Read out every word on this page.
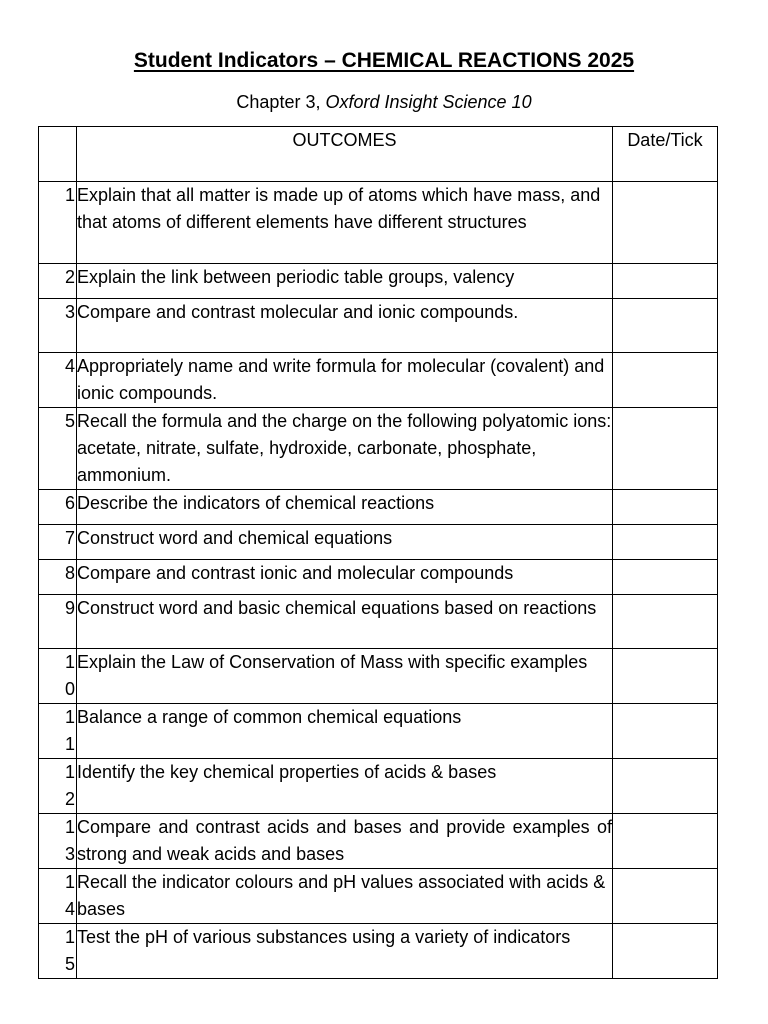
Student Indicators – CHEMICAL REACTIONS 2025
Chapter 3, Oxford Insight Science 10
	OUTCOMES	Date/Tick
1	Explain that all matter is made up of atoms which have mass, and that atoms of different elements have different structures	
2	Explain the link between periodic table groups, valency	
3	Compare and contrast molecular and ionic compounds.	
4	Appropriately name and write formula for molecular (covalent) and ionic compounds.	
5	Recall the formula and the charge on the following polyatomic ions: acetate, nitrate, sulfate, hydroxide, carbonate, phosphate, ammonium.	
6	Describe the indicators of chemical reactions	
7	Construct word and chemical equations	
8	Compare and contrast ionic and molecular compounds	
9	Construct word and basic chemical equations based on reactions	
10	Explain the Law of Conservation of Mass with specific examples	
11	Balance a range of common chemical equations	
12	Identify the key chemical properties of acids & bases	
13	Compare and contrast acids and bases and provide examples of strong and weak acids and bases	
14	Recall the indicator colours and pH values associated with acids & bases	
15	Test the pH of various substances using a variety of indicators	
